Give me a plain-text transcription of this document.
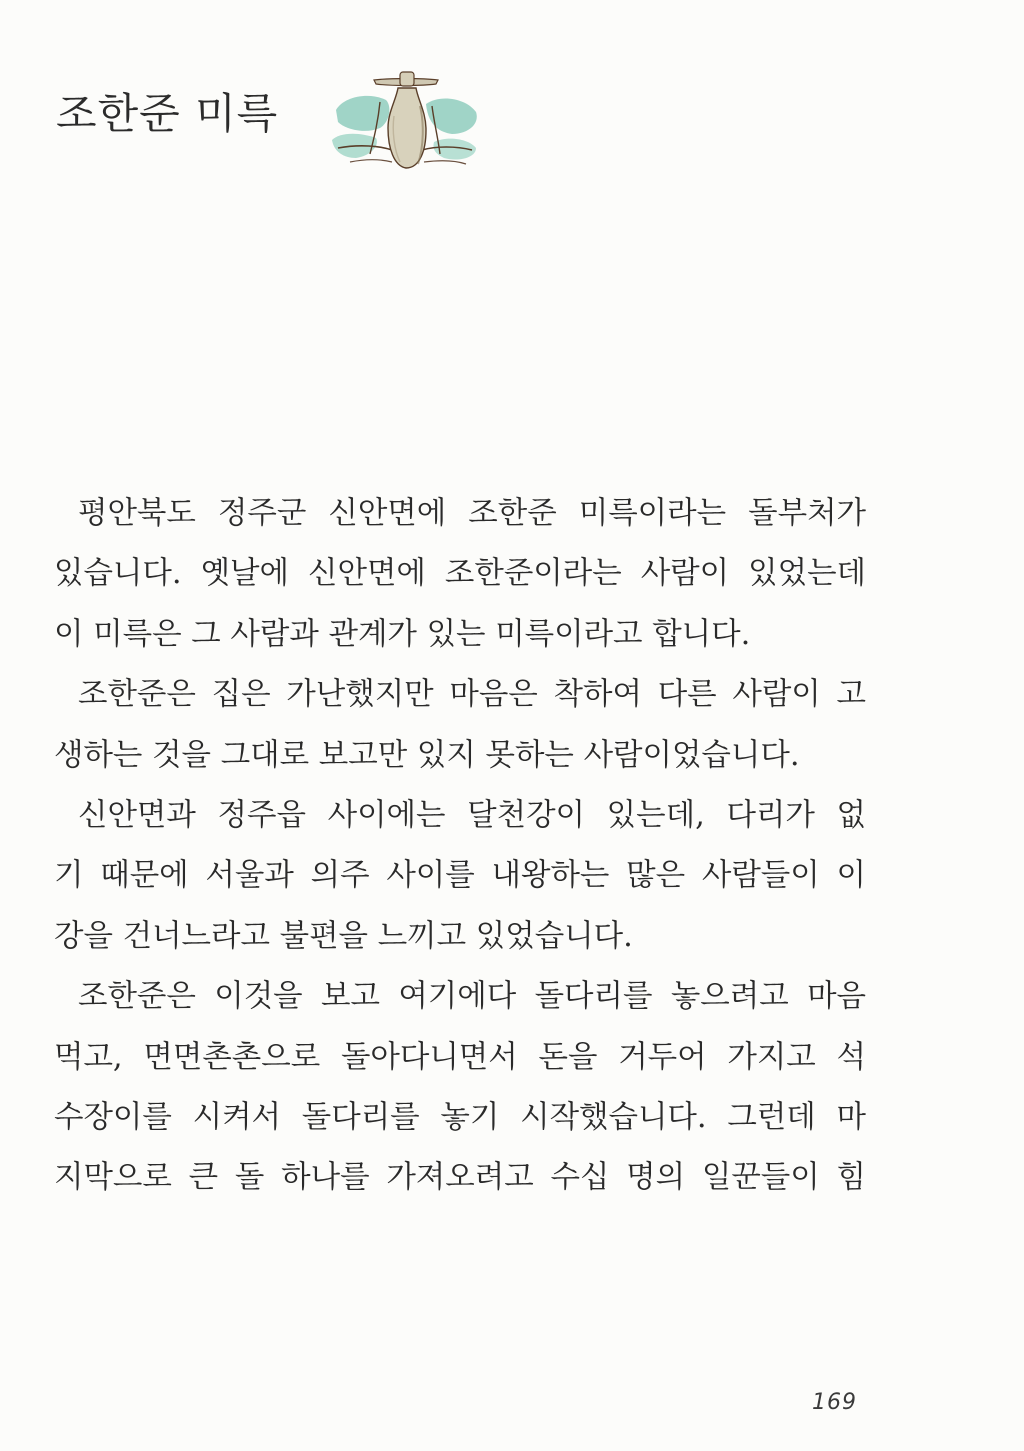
조한준 미륵

평안북도 정주군 신안면에 조한준 미륵이라는 돌부처가
있습니다. 옛날에 신안면에 조한준이라는 사람이 있었는데
이 미륵은 그 사람과 관계가 있는 미륵이라고 합니다.

조한준은 집은 가난했지만 마음은 착하여 다른 사람이 고
생하는 것을 그대로 보고만 있지 못하는 사람이었습니다.

신안면과 정주읍 사이에는 달천강이 있는데, 다리가 없
기 때문에 서울과 의주 사이를 내왕하는 많은 사람들이 이
강을 건너느라고 불편을 느끼고 있었습니다.

조한준은 이것을 보고 여기에다 돌다리를 놓으려고 마음
먹고, 면면촌촌으로 돌아다니면서 돈을 거두어 가지고 석
수장이를 시켜서 돌다리를 놓기 시작했습니다. 그런데 마
지막으로 큰 돌 하나를 가져오려고 수십 명의 일꾼들이 힘

169
